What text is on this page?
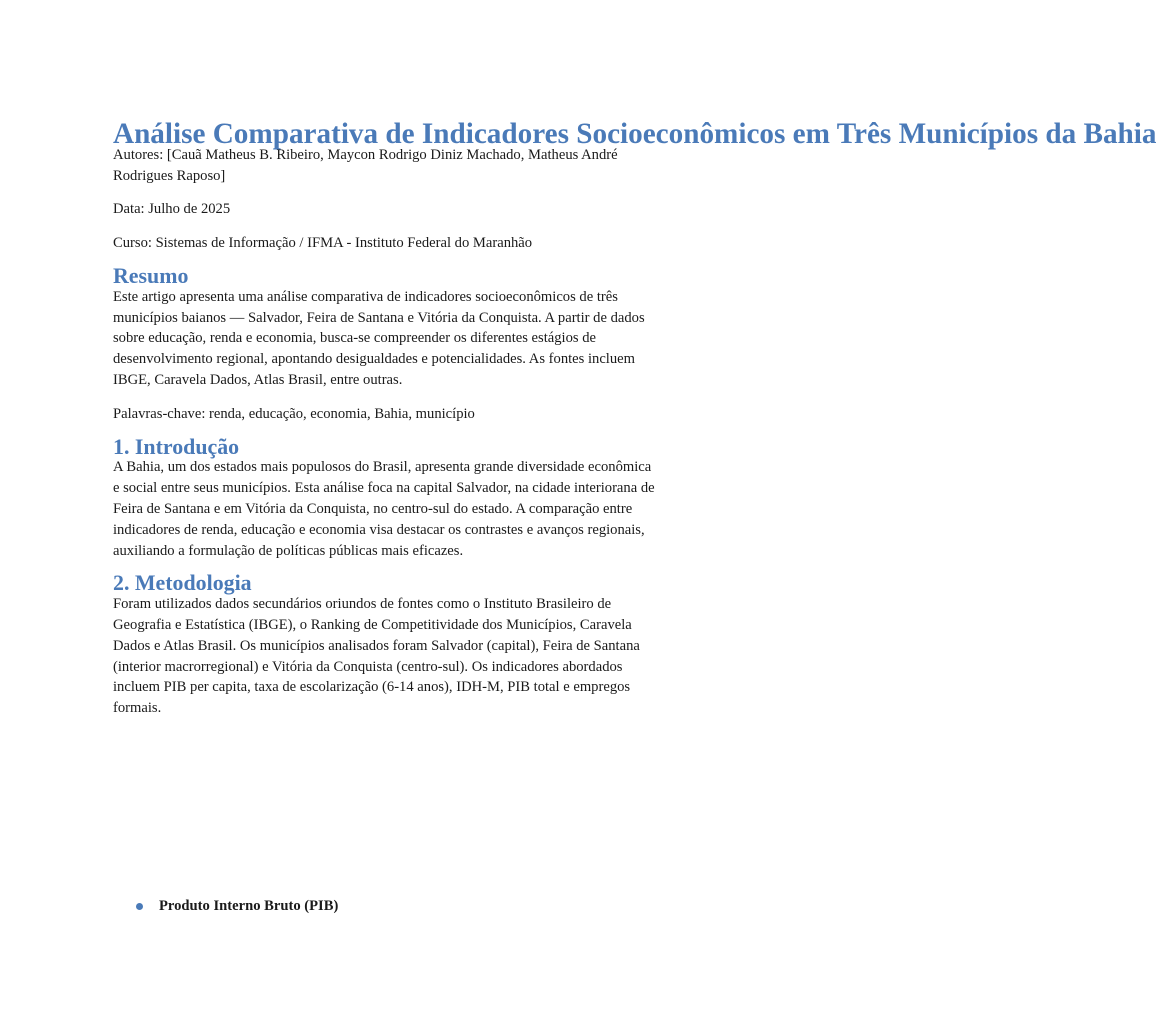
Análise Comparativa de Indicadores Socioeconômicos em Três Municípios da Bahia

Autores: [Cauã Matheus B. Ribeiro, Maycon Rodrigo Diniz Machado, Matheus André Rodrigues Raposo]

Data: Julho de 2025

Curso: Sistemas de Informação / IFMA - Instituto Federal do Maranhão

Resumo

Este artigo apresenta uma análise comparativa de indicadores socioeconômicos de três municípios baianos — Salvador, Feira de Santana e Vitória da Conquista. A partir de dados sobre educação, renda e economia, busca-se compreender os diferentes estágios de desenvolvimento regional, apontando desigualdades e potencialidades. As fontes incluem IBGE, Caravela Dados, Atlas Brasil, entre outras.

Palavras-chave: renda, educação, economia, Bahia, município

1. Introdução

A Bahia, um dos estados mais populosos do Brasil, apresenta grande diversidade econômica e social entre seus municípios. Esta análise foca na capital Salvador, na cidade interiorana de Feira de Santana e em Vitória da Conquista, no centro-sul do estado. A comparação entre indicadores de renda, educação e economia visa destacar os contrastes e avanços regionais, auxiliando a formulação de políticas públicas mais eficazes.

2. Metodologia

Foram utilizados dados secundários oriundos de fontes como o Instituto Brasileiro de Geografia e Estatística (IBGE), o Ranking de Competitividade dos Municípios, Caravela Dados e Atlas Brasil. Os municípios analisados foram Salvador (capital), Feira de Santana (interior macrorregional) e Vitória da Conquista (centro-sul). Os indicadores abordados incluem PIB per capita, taxa de escolarização (6-14 anos), IDH-M, PIB total e empregos formais.

Produto Interno Bruto (PIB)
